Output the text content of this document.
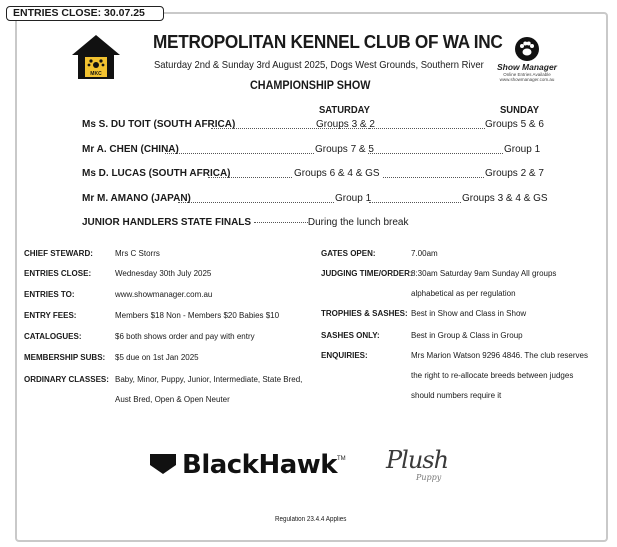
ENTRIES CLOSE: 30.07.25
MKC
Show Manager
Online Entries Available
www.showmanager.com.au
METROPOLITAN KENNEL CLUB OF WA INC
Saturday 2nd & Sunday 3rd August 2025, Dogs West Grounds, Southern River
CHAMPIONSHIP SHOW
SATURDAY	SUNDAY
Ms S. DU TOIT (SOUTH AFRICA)	Groups 3 & 2	Groups 5 & 6
Mr A. CHEN (CHINA)	Groups 7 & 5	Group 1
Ms D. LUCAS (SOUTH AFRICA)	Groups 6 & 4 & GS	Groups 2 & 7
Mr M. AMANO (JAPAN)	Group 1	Groups 3 & 4 & GS
JUNIOR HANDLERS STATE FINALS	During the lunch break
CHIEF STEWARD:	Mrs C Storrs
ENTRIES CLOSE:	Wednesday 30th July 2025
ENTRIES TO:	www.showmanager.com.au
ENTRY FEES:	Members $18 Non - Members $20 Babies $10
CATALOGUES:	$6 both shows order and pay with entry
MEMBERSHIP SUBS: $5 due on 1st Jan 2025
ORDINARY CLASSES: Baby, Minor, Puppy, Junior, Intermediate, State Bred,
Aust Bred, Open & Open Neuter
GATES OPEN:	7.00am
JUDGING TIME/ORDER:
8:30am Saturday 9am Sunday All groups
alphabetical as per regulation
TROPHIES & SASHES: Best in Show and Class in Show
SASHES ONLY:	Best in Group & Class in Group
ENQUIRIES:	Mrs Marion Watson 9296 4846. The club reserves
the right to re-allocate breeds between judges
should numbers require it
BlackHawk TM Plush
Puppy
Regulation 23.4.4 Applies
